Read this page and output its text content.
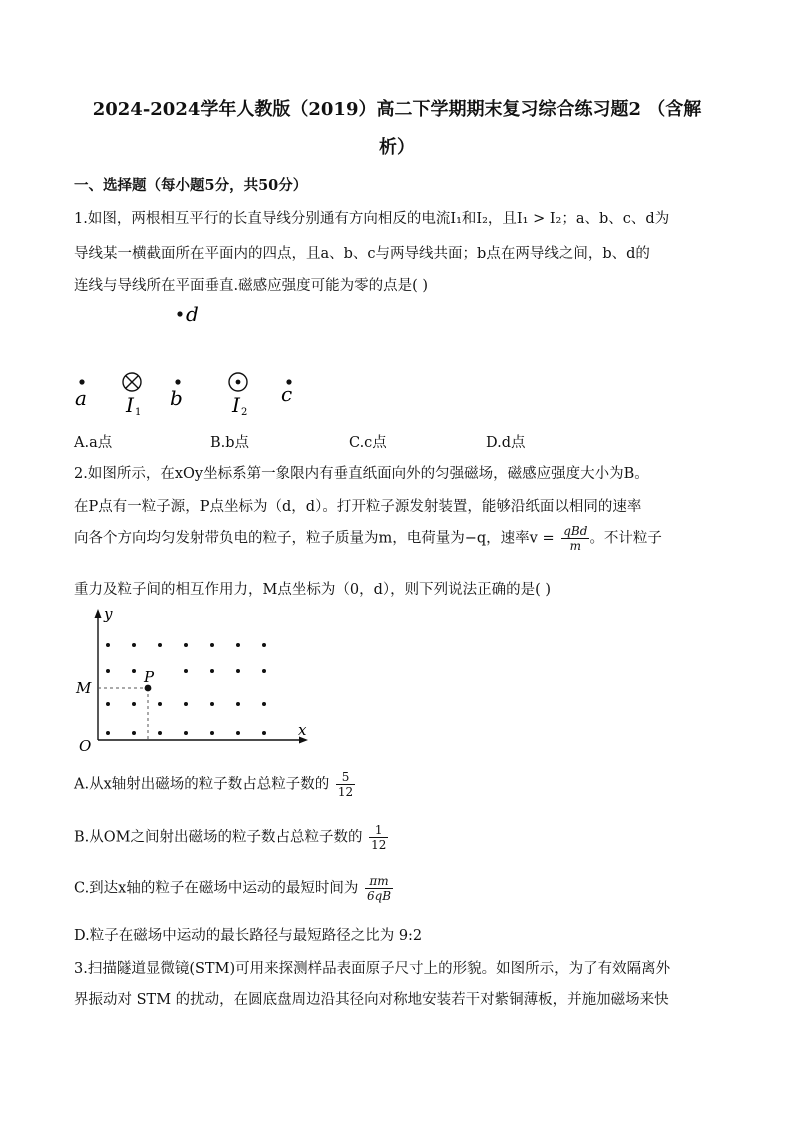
2024-2024学年人教版（2019）高二下学期期末复习综合练习题2 （含解
析）
一、选择题（每小题5分，共50分）
1.如图，两根相互平行的长直导线分别通有方向相反的电流I₁和I₂，且I₁ > I₂；a、b、c、d为
导线某一横截面所在平面内的四点，且a、b、c与两导线共面；b点在两导线之间，b、d的
连线与导线所在平面垂直.磁感应强度可能为零的点是( )
d
a I 1
b I 2
c
A.a点	B.b点	C.c点	D.d点
2.如图所示，在xOy坐标系第一象限内有垂直纸面向外的匀强磁场，磁感应强度大小为B。
在P点有一粒子源，P点坐标为（d，d）。打开粒子源发射装置，能够沿纸面以相同的速率
向各个方向均匀发射带负电的粒子，粒子质量为m，电荷量为−q，速率$v = \frac{\text{qBd}}{m}$ 。不计粒子
重力及粒子间的相互作用力，M点坐标为（0，d），则下列说法正确的是( )
y
x
O
M
P
A.从x轴射出磁场的粒子数占总粒子数的 $\frac{5}{12}$
B.从OM之间射出磁场的粒子数占总粒子数的 $\frac{1}{12}$
C.到达x轴的粒子在磁场中运动的最短时间为 $\frac{\pi m}{6qB}$
D.粒子在磁场中运动的最长路径与最短路径之比为 9:2
3.扫描隧道显微镜(STM)可用来探测样品表面原子尺寸上的形貌。如图所示，为了有效隔离外
界振动对 STM 的扰动，在圆底盘周边沿其径向对称地安装若干对紫铜薄板，并施加磁场来快
